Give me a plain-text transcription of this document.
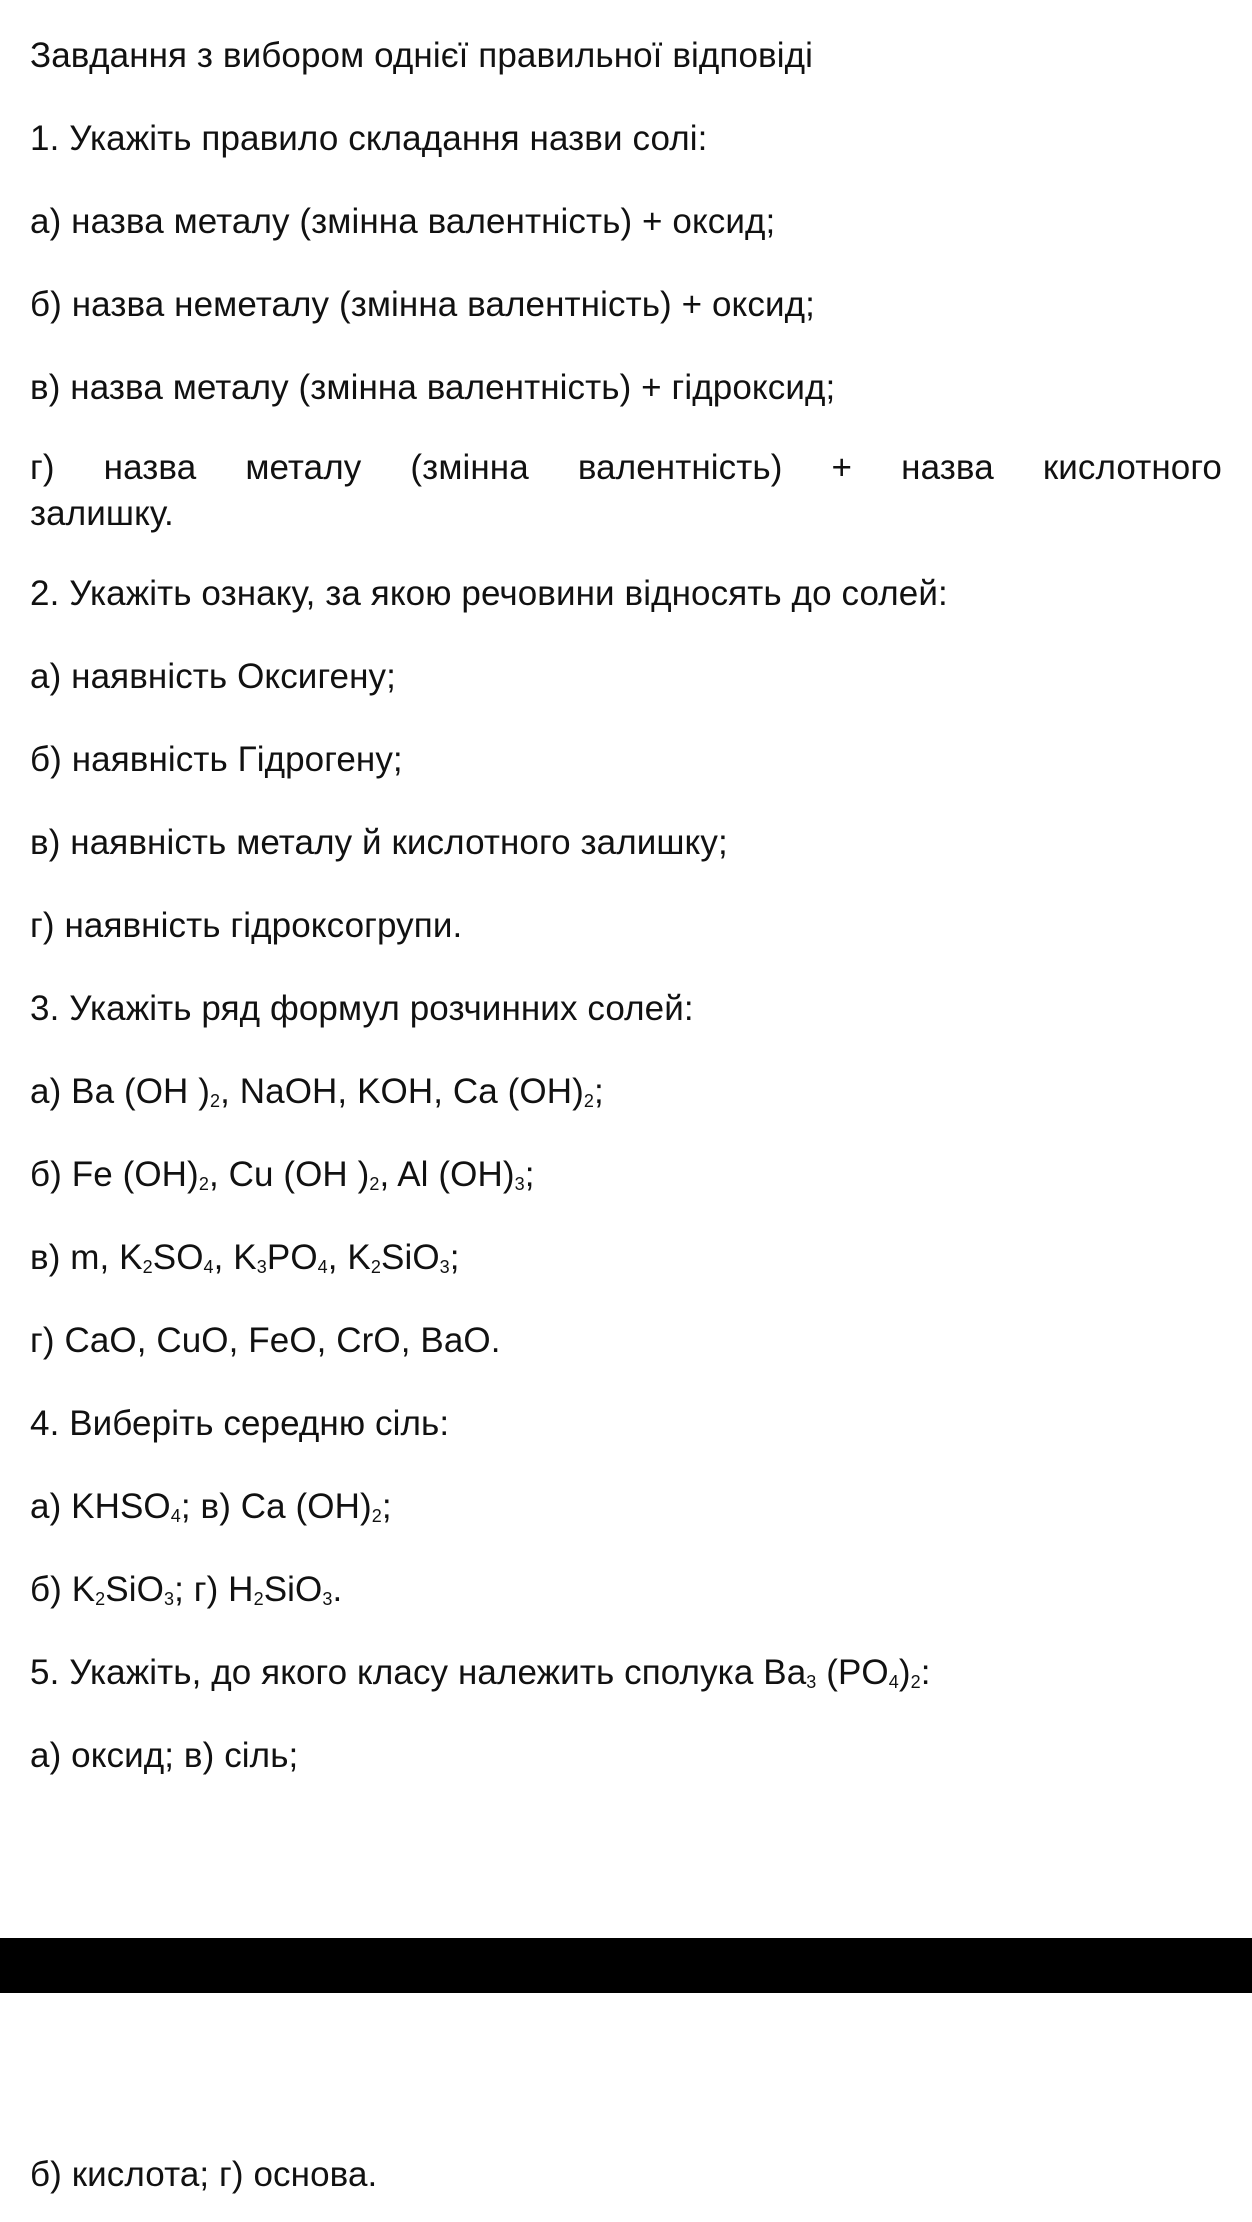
Завдання з вибором однієї правильної відповіді
1. Укажіть правило складання назви солі:
а) назва металу (змінна валентність) + оксид;
б) назва неметалу (змінна валентність) + оксид;
в) назва металу (змінна валентність) + гідроксид;
г) назва металу (змінна валентність) + назва кислотного
залишку.
2. Укажіть ознаку, за якою речовини відносять до солей:
а) наявність Оксигену;
б) наявність Гідрогену;
в) наявність металу й кислотного залишку;
г) наявність гідроксогрупи.
3. Укажіть ряд формул розчинних солей:
а) Ba (OH )$_2$, NaOH, KOH, Ca $(OH)_2$;
б) Fe $(OH)_2$, Cu (OH )$_2$, Al $(OH)_3$;
в) m, $K_2SO_4$, $K_3PO_4$, $K_2SiO_3$;
г) CaO, CuO, FeO, CrO, BaO.
4. Виберіть середню сіль:
а) $KHSO_4$; в) Ca $(OH)_2$;
б) $K_2SiO_3$; г) $H_2SiO_3$.
5. Укажіть, до якого класу належить сполука $Ba_3$ $(PO_4)_2$:
а) оксид; в) сіль;
б) кислота; г) основа.
